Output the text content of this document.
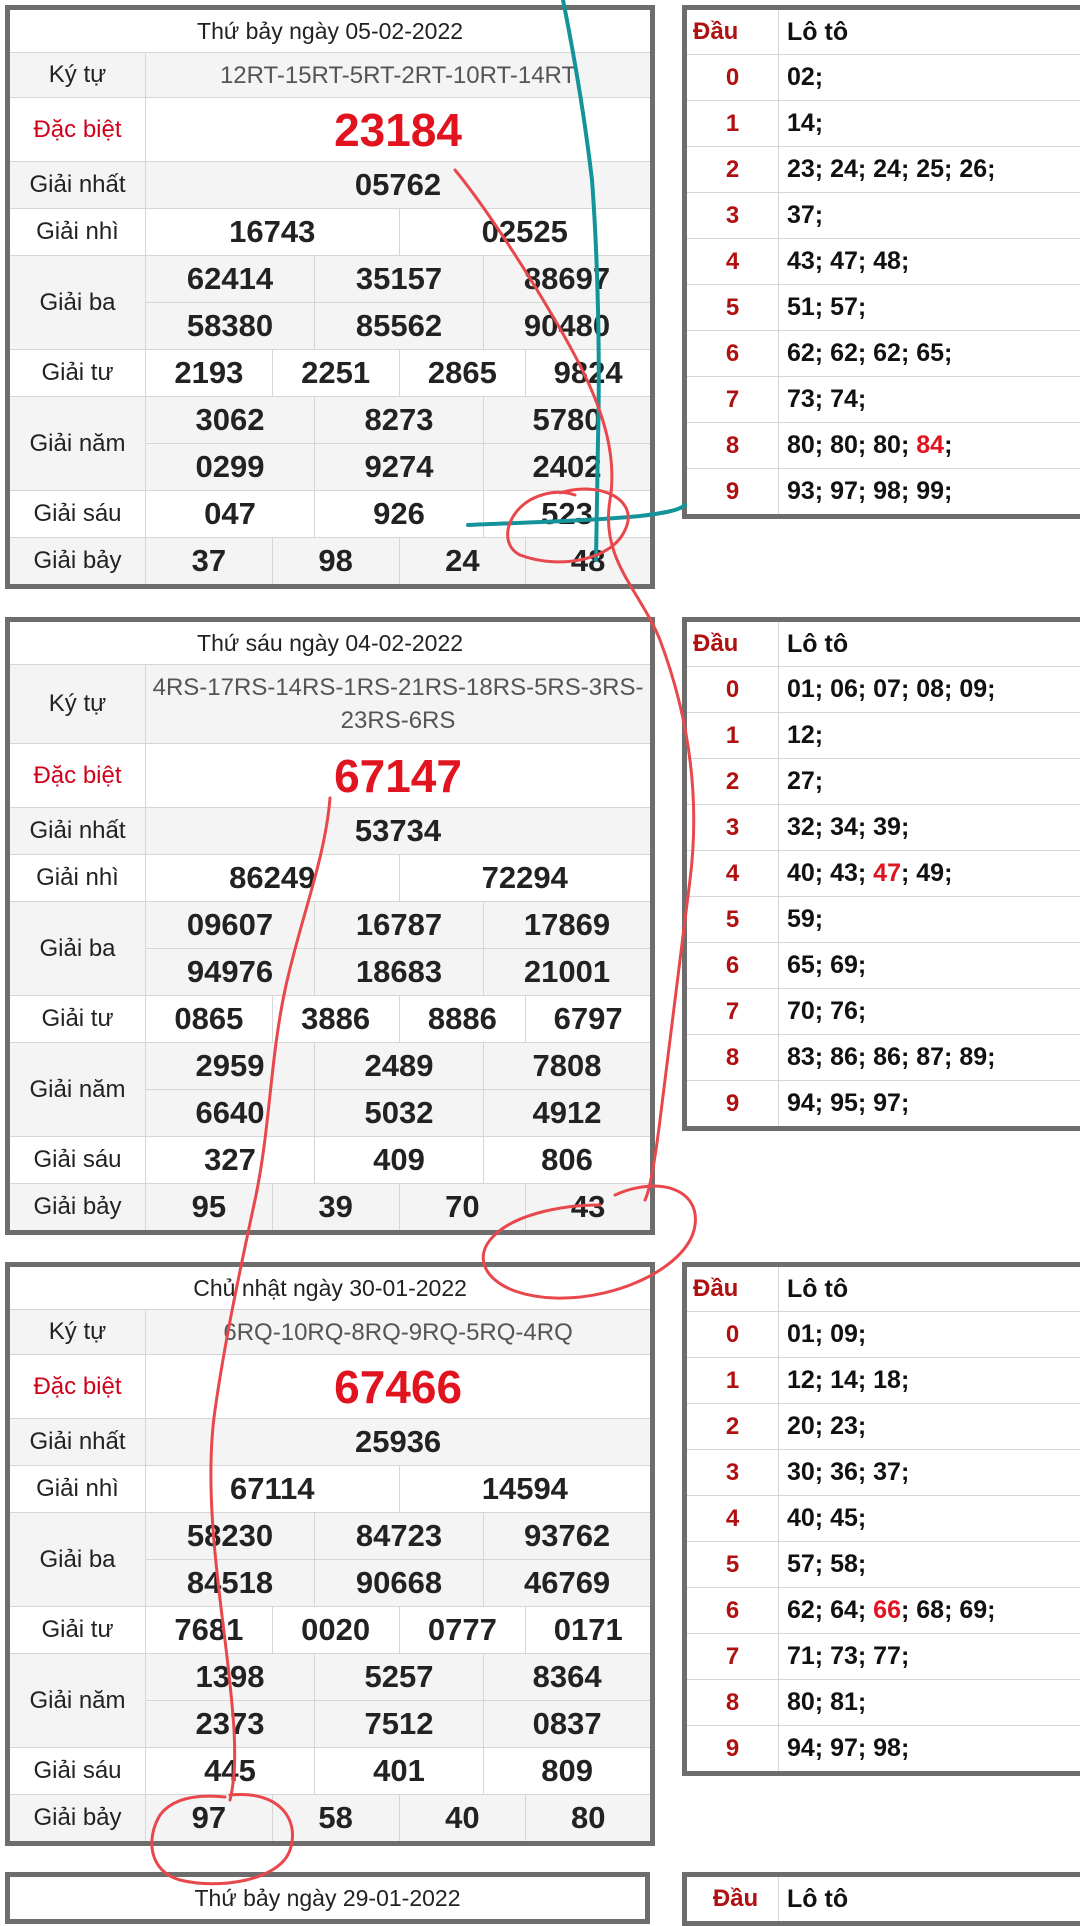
Thứ bảy ngày 05-02-2022						
Ký tự	12RT-15RT-5RT-2RT-10RT-14RT					
Đặc biệt	23184					
Giải nhất	05762					
Giải nhì	16743			02525		
Giải ba	62414		35157		88697	
	58380		85562		90480	
Giải tư	2193	2251		2865		9824
Giải năm	3062		8273		5780	
	0299		9274		2402	
Giải sáu	047		926		523	
Giải bảy	37	98		24		48
Đầu	Lô tô
0	02;
1	14;
2	23; 24; 24; 25; 26;
3	37;
4	43; 47; 48;
5	51; 57;
6	62; 62; 62; 65;
7	73; 74;
8	80; 80; 80; 84;
9	93; 97; 98; 99;
Thứ sáu ngày 04-02-2022						
Ký tự	4RS-17RS-14RS-1RS-21RS-18RS-5RS-3RS-23RS-6RS					
Đặc biệt	67147					
Giải nhất	53734					
Giải nhì	86249			72294		
Giải ba	09607		16787		17869	
	94976		18683		21001	
Giải tư	0865	3886		8886		6797
Giải năm	2959		2489		7808	
	6640		5032		4912	
Giải sáu	327		409		806	
Giải bảy	95	39		70		43
Đầu	Lô tô
0	01; 06; 07; 08; 09;
1	12;
2	27;
3	32; 34; 39;
4	40; 43; 47; 49;
5	59;
6	65; 69;
7	70; 76;
8	83; 86; 86; 87; 89;
9	94; 95; 97;
Chủ nhật ngày 30-01-2022						
Ký tự	6RQ-10RQ-8RQ-9RQ-5RQ-4RQ					
Đặc biệt	67466					
Giải nhất	25936					
Giải nhì	67114			14594		
Giải ba	58230		84723		93762	
	84518		90668		46769	
Giải tư	7681	0020		0777		0171
Giải năm	1398		5257		8364	
	2373		7512		0837	
Giải sáu	445		401		809	
Giải bảy	97	58		40		80
Đầu	Lô tô
0	01; 09;
1	12; 14; 18;
2	20; 23;
3	30; 36; 37;
4	40; 45;
5	57; 58;
6	62; 64; 66; 68; 69;
7	71; 73; 77;
8	80; 81;
9	94; 97; 98;
Thứ bảy ngày 29-01-2022	Đầu	Lô tô
